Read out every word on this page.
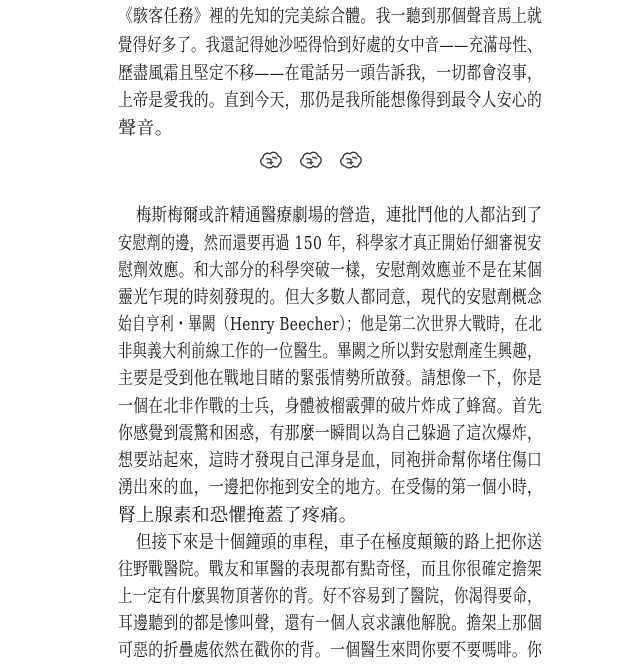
《駭客任務》裡的先知的完美綜合體。我一聽到那個聲音馬上就
覺得好多了。我還記得她沙啞得恰到好處的女中音——充滿母性、
歷盡風霜且堅定不移——在電話另一頭告訴我，一切都會沒事，
上帝是愛我的。直到今天，那仍是我所能想像得到最令人安心的
聲音。
梅斯梅爾或許精通醫療劇場的營造，連批鬥他的人都沾到了
安慰劑的邊，然而還要再過 150 年，科學家才真正開始仔細審視安
慰劑效應。和大部分的科學突破一樣，安慰劑效應並不是在某個
靈光乍現的時刻發現的。但大多數人都同意，現代的安慰劑概念
始自亨利・畢闕（Henry Beecher）；他是第二次世界大戰時，在北
非與義大利前線工作的一位醫生。畢闕之所以對安慰劑產生興趣，
主要是受到他在戰地目睹的緊張情勢所啟發。請想像一下，你是
一個在北非作戰的士兵，身體被榴霰彈的破片炸成了蜂窩。首先
你感覺到震驚和困惑，有那麼一瞬間以為自己躲過了這次爆炸，
想要站起來，這時才發現自己渾身是血，同袍拼命幫你堵住傷口
湧出來的血，一邊把你拖到安全的地方。在受傷的第一個小時，
腎上腺素和恐懼掩蓋了疼痛。
但接下來是十個鐘頭的車程，車子在極度顛簸的路上把你送
往野戰醫院。戰友和軍醫的表現都有點奇怪，而且你很確定擔架
上一定有什麼異物頂著你的背。好不容易到了醫院，你渴得要命，
耳邊聽到的都是慘叫聲，還有一個人哀求讓他解脫。擔架上那個
可惡的折疊處依然在戳你的背。一個醫生來問你要不要嗎啡。你
